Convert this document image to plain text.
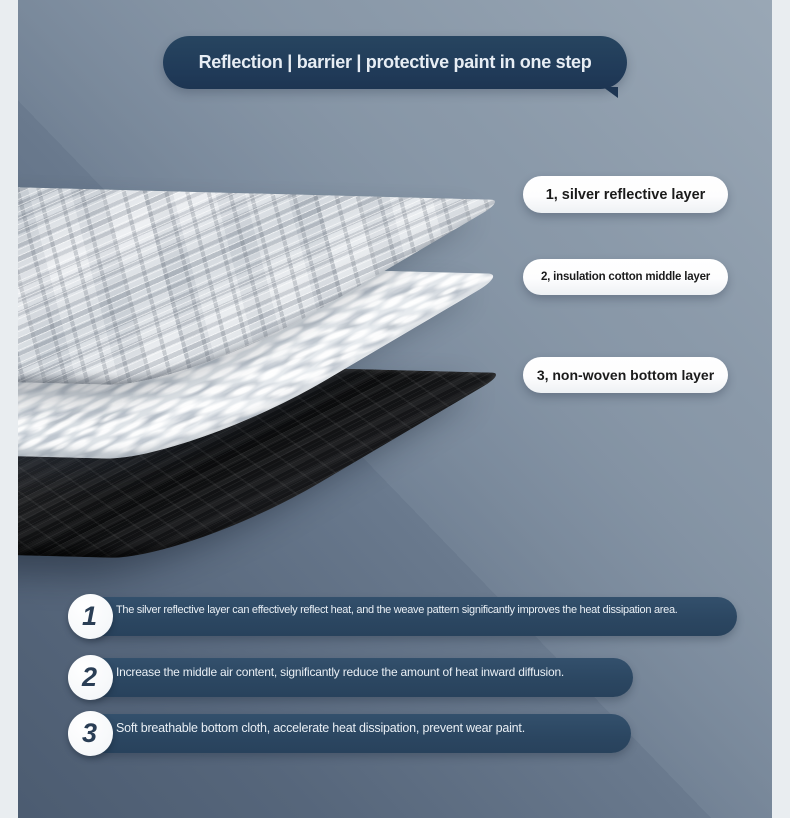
Reflection | barrier | protective paint in one step
1, silver reflective layer
2, insulation cotton middle layer
3, non-woven bottom layer
The silver reflective layer can effectively reflect heat, and the weave pattern significantly improves the heat dissipation area.
1
Increase the middle air content, significantly reduce the amount of heat inward diffusion.
2
Soft breathable bottom cloth, accelerate heat dissipation, prevent wear paint.
3
